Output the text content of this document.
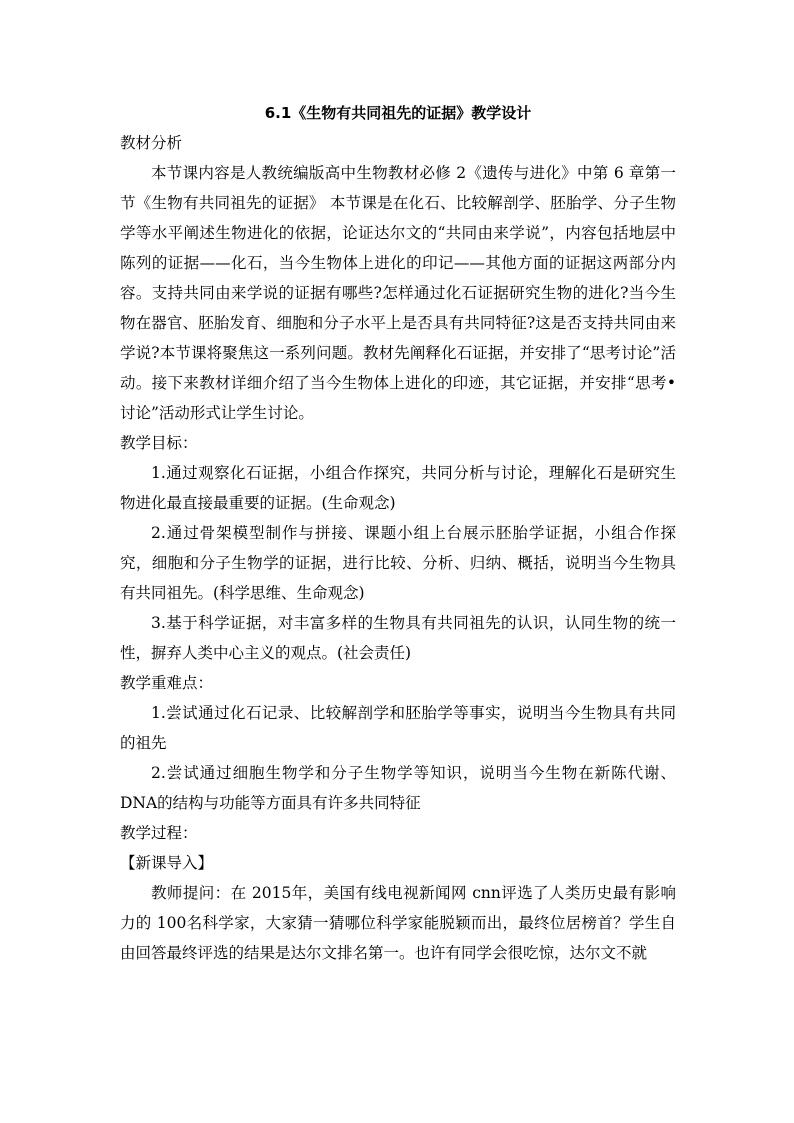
6.1《生物有共同祖先的证据》教学设计

教材分析

本节课内容是人教统编版高中生物教材必修 2《遗传与进化》中第 6 章第一节《生物有共同祖先的证据》 本节课是在化石、比较解剖学、胚胎学、分子生物学等水平阐述生物进化的依据，论证达尔文的“共同由来学说”，内容包括地层中陈列的证据——化石，当今生物体上进化的印记——其他方面的证据这两部分内容。支持共同由来学说的证据有哪些?怎样通过化石证据研究生物的进化?当今生物在器官、胚胎发育、细胞和分子水平上是否具有共同特征?这是否支持共同由来学说?本节课将聚焦这一系列问题。教材先阐释化石证据，并安排了“思考讨论”活动。接下来教材详细介绍了当今生物体上进化的印迹，其它证据，并安排“思考•讨论”活动形式让学生讨论。

教学目标：

1.通过观察化石证据，小组合作探究，共同分析与讨论，理解化石是研究生物进化最直接最重要的证据。(生命观念)

2.通过骨架模型制作与拼接、课题小组上台展示胚胎学证据，小组合作探究，细胞和分子生物学的证据，进行比较、分析、归纳、概括，说明当今生物具有共同祖先。(科学思维、生命观念)

3.基于科学证据，对丰富多样的生物具有共同祖先的认识，认同生物的统一性，摒弃人类中心主义的观点。(社会责任)

教学重难点：

1.尝试通过化石记录、比较解剖学和胚胎学等事实，说明当今生物具有共同的祖先

2.尝试通过细胞生物学和分子生物学等知识，说明当今生物在新陈代谢、DNA的结构与功能等方面具有许多共同特征

教学过程：

【新课导入】

教师提问：在 2015年，美国有线电视新闻网 cnn评选了人类历史最有影响力的 100名科学家，大家猜一猜哪位科学家能脱颖而出，最终位居榜首？学生自由回答最终评选的结果是达尔文排名第一。也许有同学会很吃惊，达尔文不就
